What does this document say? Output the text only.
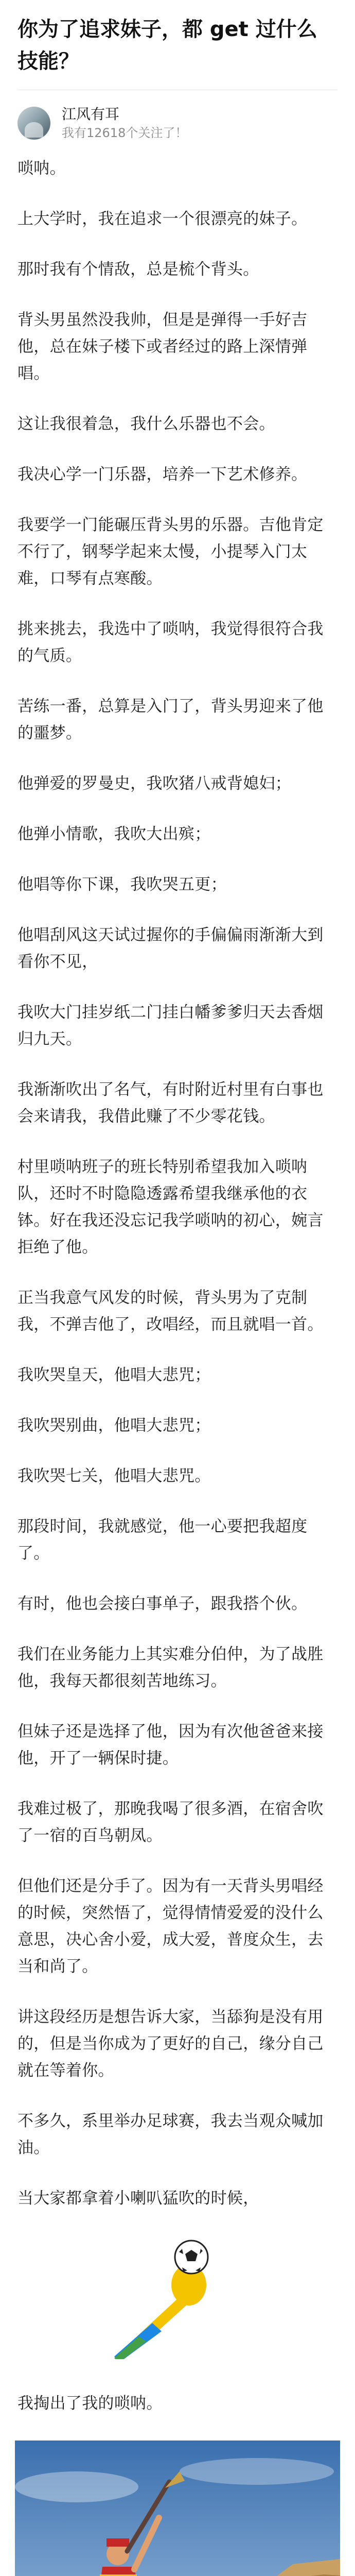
你为了追求妹子，都 get 过什么技能？
江风有耳
我有12618个关注了！

唢呐。

上大学时，我在追求一个很漂亮的妹子。

那时我有个情敌，总是梳个背头。

背头男虽然没我帅，但是是弹得一手好吉他，总在妹子楼下或者经过的路上深情弹唱。

这让我很着急，我什么乐器也不会。

我决心学一门乐器，培养一下艺术修养。

我要学一门能碾压背头男的乐器。吉他肯定不行了，钢琴学起来太慢，小提琴入门太难，口琴有点寒酸。

挑来挑去，我选中了唢呐，我觉得很符合我的气质。

苦练一番，总算是入门了，背头男迎来了他的噩梦。

他弹爱的罗曼史，我吹猪八戒背媳妇；

他弹小情歌，我吹大出殡；

他唱等你下课，我吹哭五更；

他唱刮风这天试过握你的手偏偏雨渐渐大到看你不见，

我吹大门挂岁纸二门挂白幡爹爹归天去香烟归九天。

我渐渐吹出了名气，有时附近村里有白事也会来请我，我借此赚了不少零花钱。

村里唢呐班子的班长特别希望我加入唢呐队，还时不时隐隐透露希望我继承他的衣钵。好在我还没忘记我学唢呐的初心，婉言拒绝了他。

正当我意气风发的时候，背头男为了克制我，不弹吉他了，改唱经，而且就唱一首。

我吹哭皇天，他唱大悲咒；

我吹哭别曲，他唱大悲咒；

我吹哭七关，他唱大悲咒。

那段时间，我就感觉，他一心要把我超度了。

有时，他也会接白事单子，跟我搭个伙。

我们在业务能力上其实难分伯仲，为了战胜他，我每天都很刻苦地练习。

但妹子还是选择了他，因为有次他爸爸来接他，开了一辆保时捷。

我难过极了，那晚我喝了很多酒，在宿舍吹了一宿的百鸟朝凤。

但他们还是分手了。因为有一天背头男唱经的时候，突然悟了，觉得情情爱爱的没什么意思，决心舍小爱，成大爱，普度众生，去当和尚了。

讲这段经历是想告诉大家，当舔狗是没有用的，但是当你成为了更好的自己，缘分自己就在等着你。

不多久，系里举办足球赛，我去当观众喊加油。

当大家都拿着小喇叭猛吹的时候，

我掏出了我的唢呐。
